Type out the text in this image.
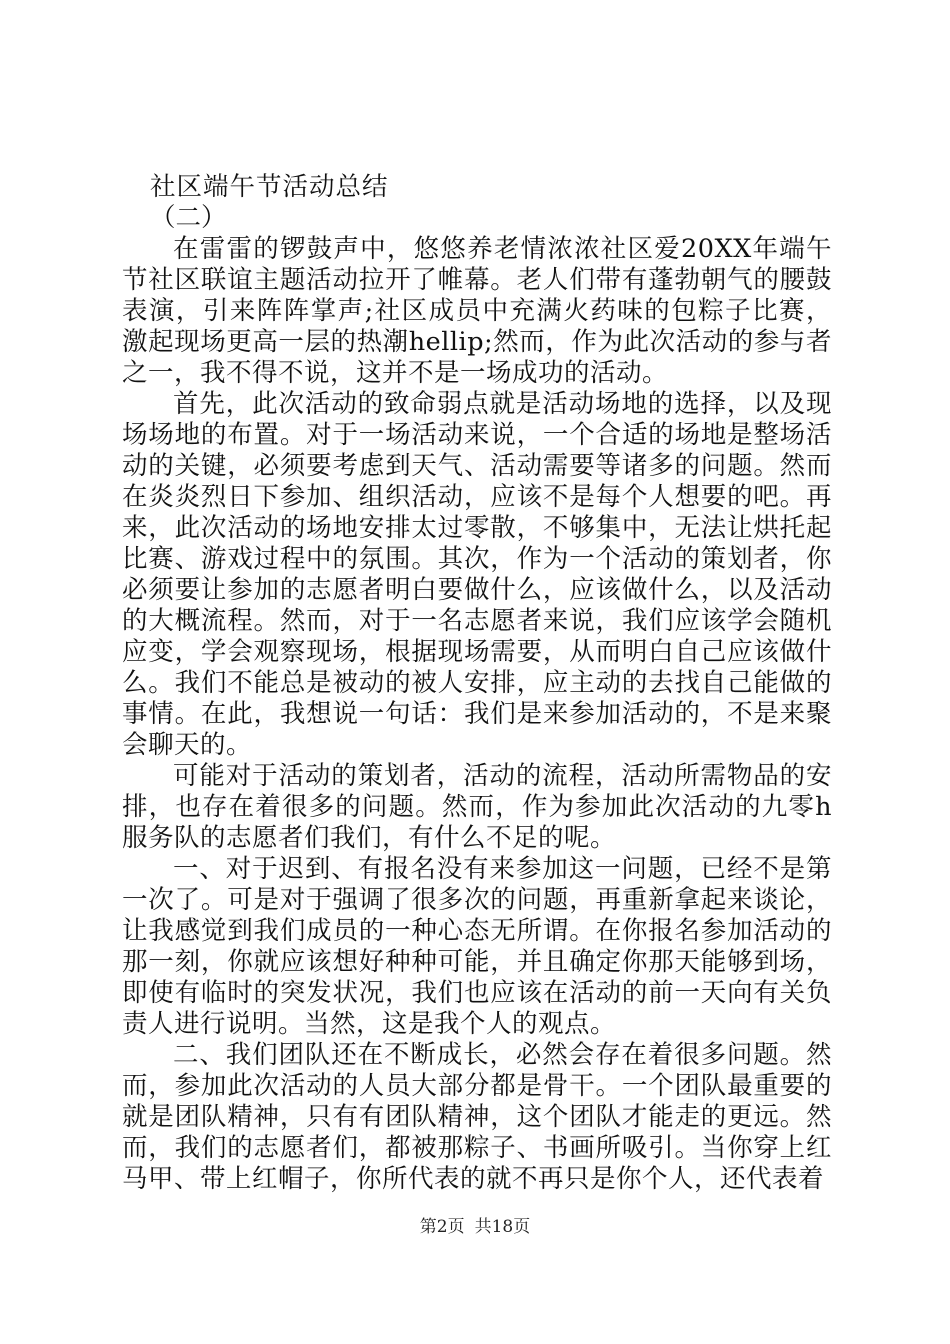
社区端午节活动总结

（二）

在雷雷的锣鼓声中，悠悠养老情浓浓社区爱20XX年端午节社区联谊主题活动拉开了帷幕。老人们带有蓬勃朝气的腰鼓表演，引来阵阵掌声;社区成员中充满火药味的包粽子比赛，激起现场更高一层的热潮hellip;然而，作为此次活动的参与者之一，我不得不说，这并不是一场成功的活动。

首先，此次活动的致命弱点就是活动场地的选择，以及现场场地的布置。对于一场活动来说，一个合适的场地是整场活动的关键，必须要考虑到天气、活动需要等诸多的问题。然而在炎炎烈日下参加、组织活动，应该不是每个人想要的吧。再来，此次活动的场地安排太过零散，不够集中，无法让烘托起比赛、游戏过程中的氛围。其次，作为一个活动的策划者，你必须要让参加的志愿者明白要做什么，应该做什么，以及活动的大概流程。然而，对于一名志愿者来说，我们应该学会随机应变，学会观察现场，根据现场需要，从而明白自己应该做什么。我们不能总是被动的被人安排，应主动的去找自己能做的事情。在此，我想说一句话：我们是来参加活动的，不是来聚会聊天的。

可能对于活动的策划者，活动的流程，活动所需物品的安排，也存在着很多的问题。然而，作为参加此次活动的九零h服务队的志愿者们我们，有什么不足的呢。

一、对于迟到、有报名没有来参加这一问题，已经不是第一次了。可是对于强调了很多次的问题，再重新拿起来谈论，让我感觉到我们成员的一种心态无所谓。在你报名参加活动的那一刻，你就应该想好种种可能，并且确定你那天能够到场，即使有临时的突发状况，我们也应该在活动的前一天向有关负责人进行说明。当然，这是我个人的观点。

二、我们团队还在不断成长，必然会存在着很多问题。然而，参加此次活动的人员大部分都是骨干。一个团队最重要的就是团队精神，只有有团队精神，这个团队才能走的更远。然而，我们的志愿者们，都被那粽子、书画所吸引。当你穿上红马甲、带上红帽子，你所代表的就不再只是你个人，还代表着

第2页 共18页
